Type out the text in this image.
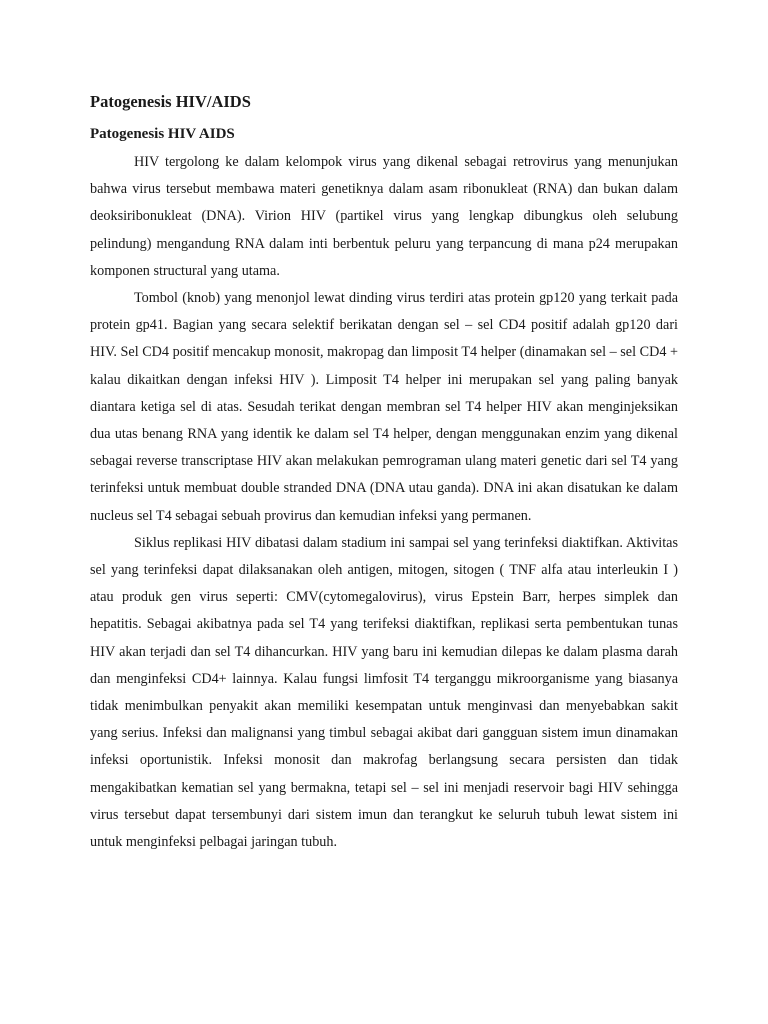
Patogenesis HIV/AIDS
Patogenesis HIV AIDS

HIV tergolong ke dalam kelompok virus yang dikenal sebagai retrovirus yang menunjukan bahwa virus tersebut membawa materi genetiknya dalam asam ribonukleat (RNA) dan bukan dalam deoksiribonukleat (DNA). Virion HIV (partikel virus yang lengkap dibungkus oleh selubung pelindung) mengandung RNA dalam inti berbentuk peluru yang terpancung di mana p24 merupakan komponen structural yang utama.

Tombol (knob) yang menonjol lewat dinding virus terdiri atas protein gp120 yang terkait pada protein gp41. Bagian yang secara selektif berikatan dengan sel – sel CD4 positif adalah gp120 dari HIV. Sel CD4 positif mencakup monosit, makropag dan limposit T4 helper (dinamakan sel – sel CD4 + kalau dikaitkan dengan infeksi HIV ). Limposit T4 helper ini merupakan sel yang paling banyak diantara ketiga sel di atas. Sesudah terikat dengan membran sel T4 helper HIV akan menginjeksikan dua utas benang RNA yang identik ke dalam sel T4 helper, dengan menggunakan enzim yang dikenal sebagai reverse transcriptase HIV akan melakukan pemrograman ulang materi genetic dari sel T4 yang terinfeksi untuk membuat double stranded DNA (DNA utau ganda). DNA ini akan disatukan ke dalam nucleus sel T4 sebagai sebuah provirus dan kemudian infeksi yang permanen.

Siklus replikasi HIV dibatasi dalam stadium ini sampai sel yang terinfeksi diaktifkan. Aktivitas sel yang terinfeksi dapat dilaksanakan oleh antigen, mitogen, sitogen ( TNF alfa atau interleukin I ) atau produk gen virus seperti: CMV(cytomegalovirus), virus Epstein Barr, herpes simplek dan hepatitis. Sebagai akibatnya pada sel T4 yang terifeksi diaktifkan, replikasi serta pembentukan tunas HIV akan terjadi dan sel T4 dihancurkan. HIV yang baru ini kemudian dilepas ke dalam plasma darah dan menginfeksi CD4+ lainnya. Kalau fungsi limfosit T4 terganggu mikroorganisme yang biasanya tidak menimbulkan penyakit akan memiliki kesempatan untuk menginvasi dan menyebabkan sakit yang serius. Infeksi dan malignansi yang timbul sebagai akibat dari gangguan sistem imun dinamakan infeksi oportunistik. Infeksi monosit dan makrofag berlangsung secara persisten dan tidak mengakibatkan kematian sel yang bermakna, tetapi sel – sel ini menjadi reservoir bagi HIV sehingga virus tersebut dapat tersembunyi dari sistem imun dan terangkut ke seluruh tubuh lewat sistem ini untuk menginfeksi pelbagai jaringan tubuh.
